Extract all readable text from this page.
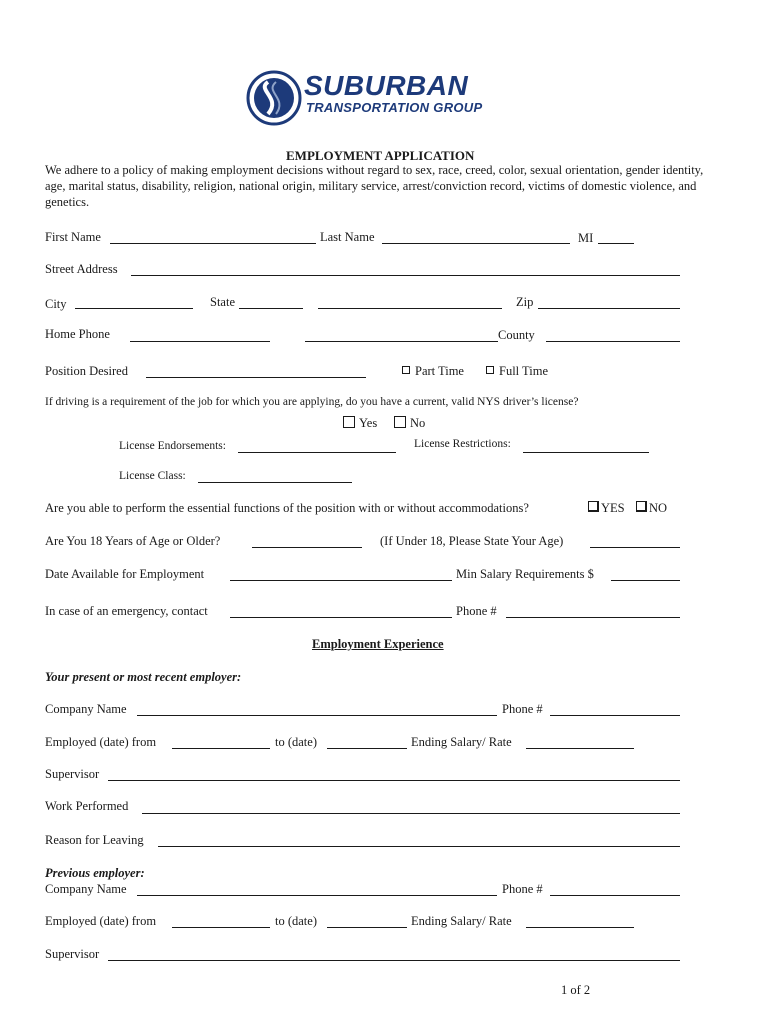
SUBURBAN
TRANSPORTATION GROUP
EMPLOYMENT APPLICATION
We adhere to a policy of making employment decisions without regard to sex, race, creed, color, sexual orientation, gender identity, age, marital status, disability, religion, national origin, military service, arrest/conviction record, victims of domestic violence, and genetics.
First Name	Last Name	MI
Street Address
City	State	Zip
Home Phone	County
Position Desired	Part Time	Full Time
If driving is a requirement of the job for which you are applying, do you have a current, valid NYS driver’s license?
Yes	No
License Endorsements:	License Restrictions:
License Class:
Are you able to perform the essential functions of the position with or without accommodations?	YES	NO
Are You 18 Years of Age or Older?	(If Under 18, Please State Your Age)
Date Available for Employment	Min Salary Requirements $
In case of an emergency, contact	Phone #
Employment Experience
Your present or most recent employer:
Company Name	Phone #
Employed (date) from	to (date)	Ending Salary/ Rate
Supervisor
Work Performed
Reason for Leaving
Previous employer:
Company Name	Phone #
Employed (date) from	to (date)	Ending Salary/ Rate
Supervisor
1 of 2
